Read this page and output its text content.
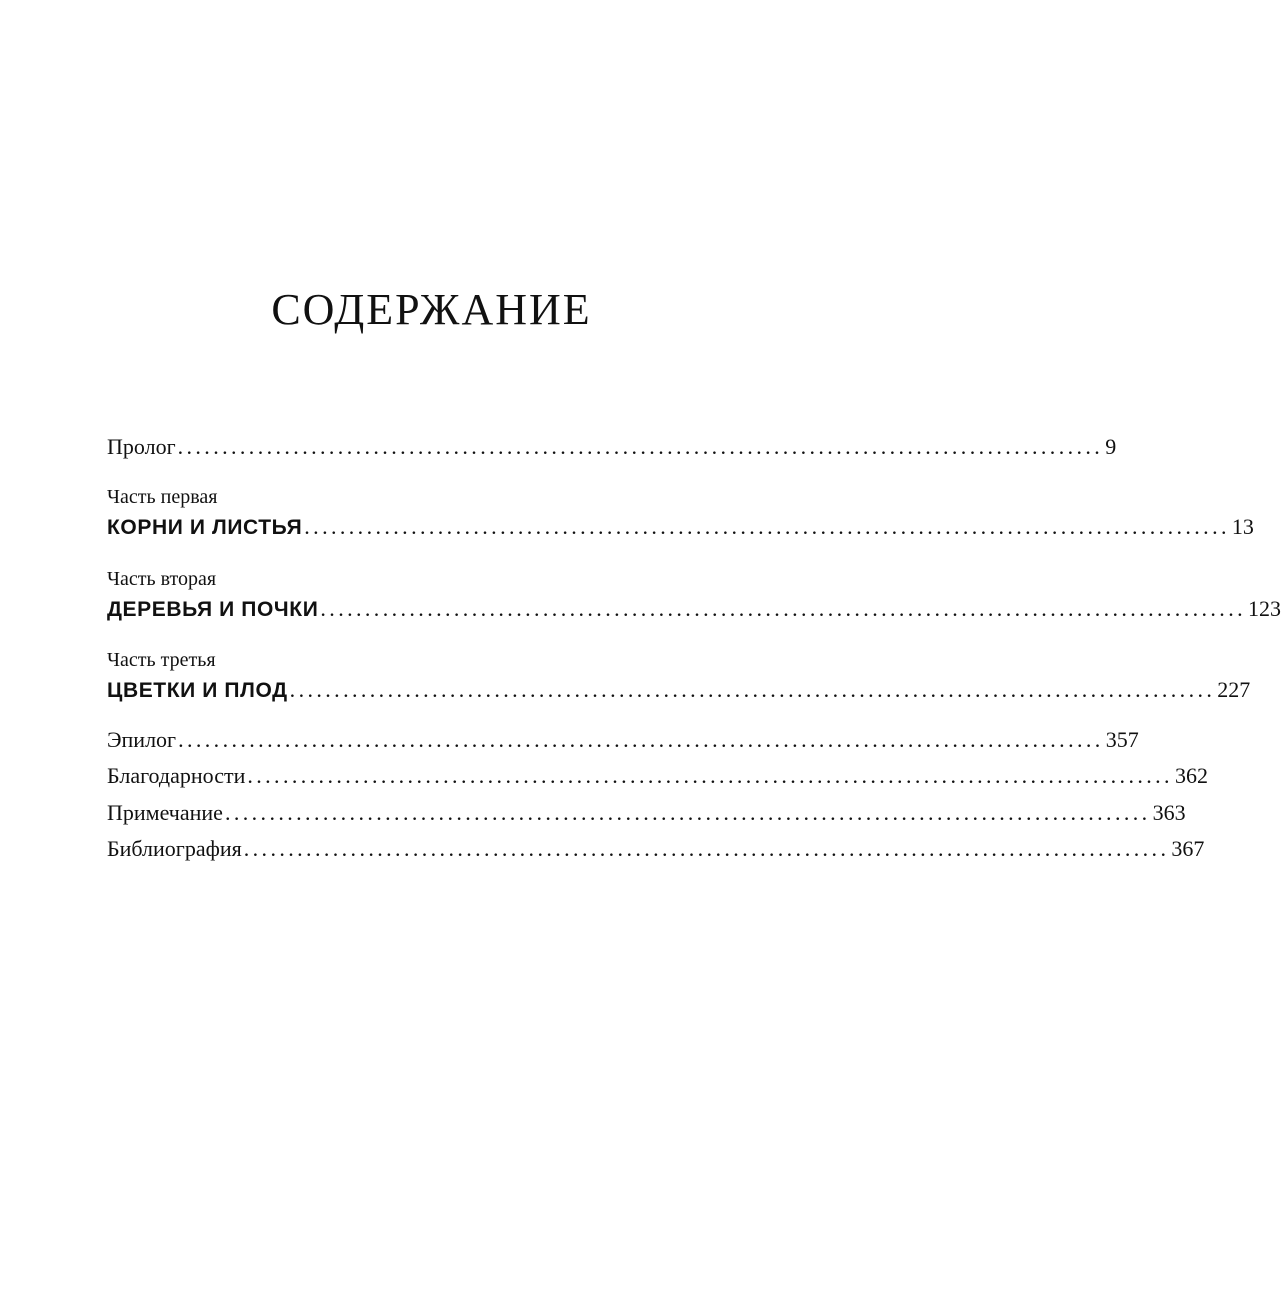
СОДЕРЖАНИЕ
Пролог ........................................................................................................ 9
Часть первая
КОРНИ И ЛИСТЬЯ ........................................................................................................ 13
Часть вторая
ДЕРЕВЬЯ И ПОЧКИ ........................................................................................................ 123
Часть третья
ЦВЕТКИ И ПЛОД ........................................................................................................ 227
Эпилог ........................................................................................................ 357
Благодарности ........................................................................................................ 362
Примечание ........................................................................................................ 363
Библиография ........................................................................................................ 367
